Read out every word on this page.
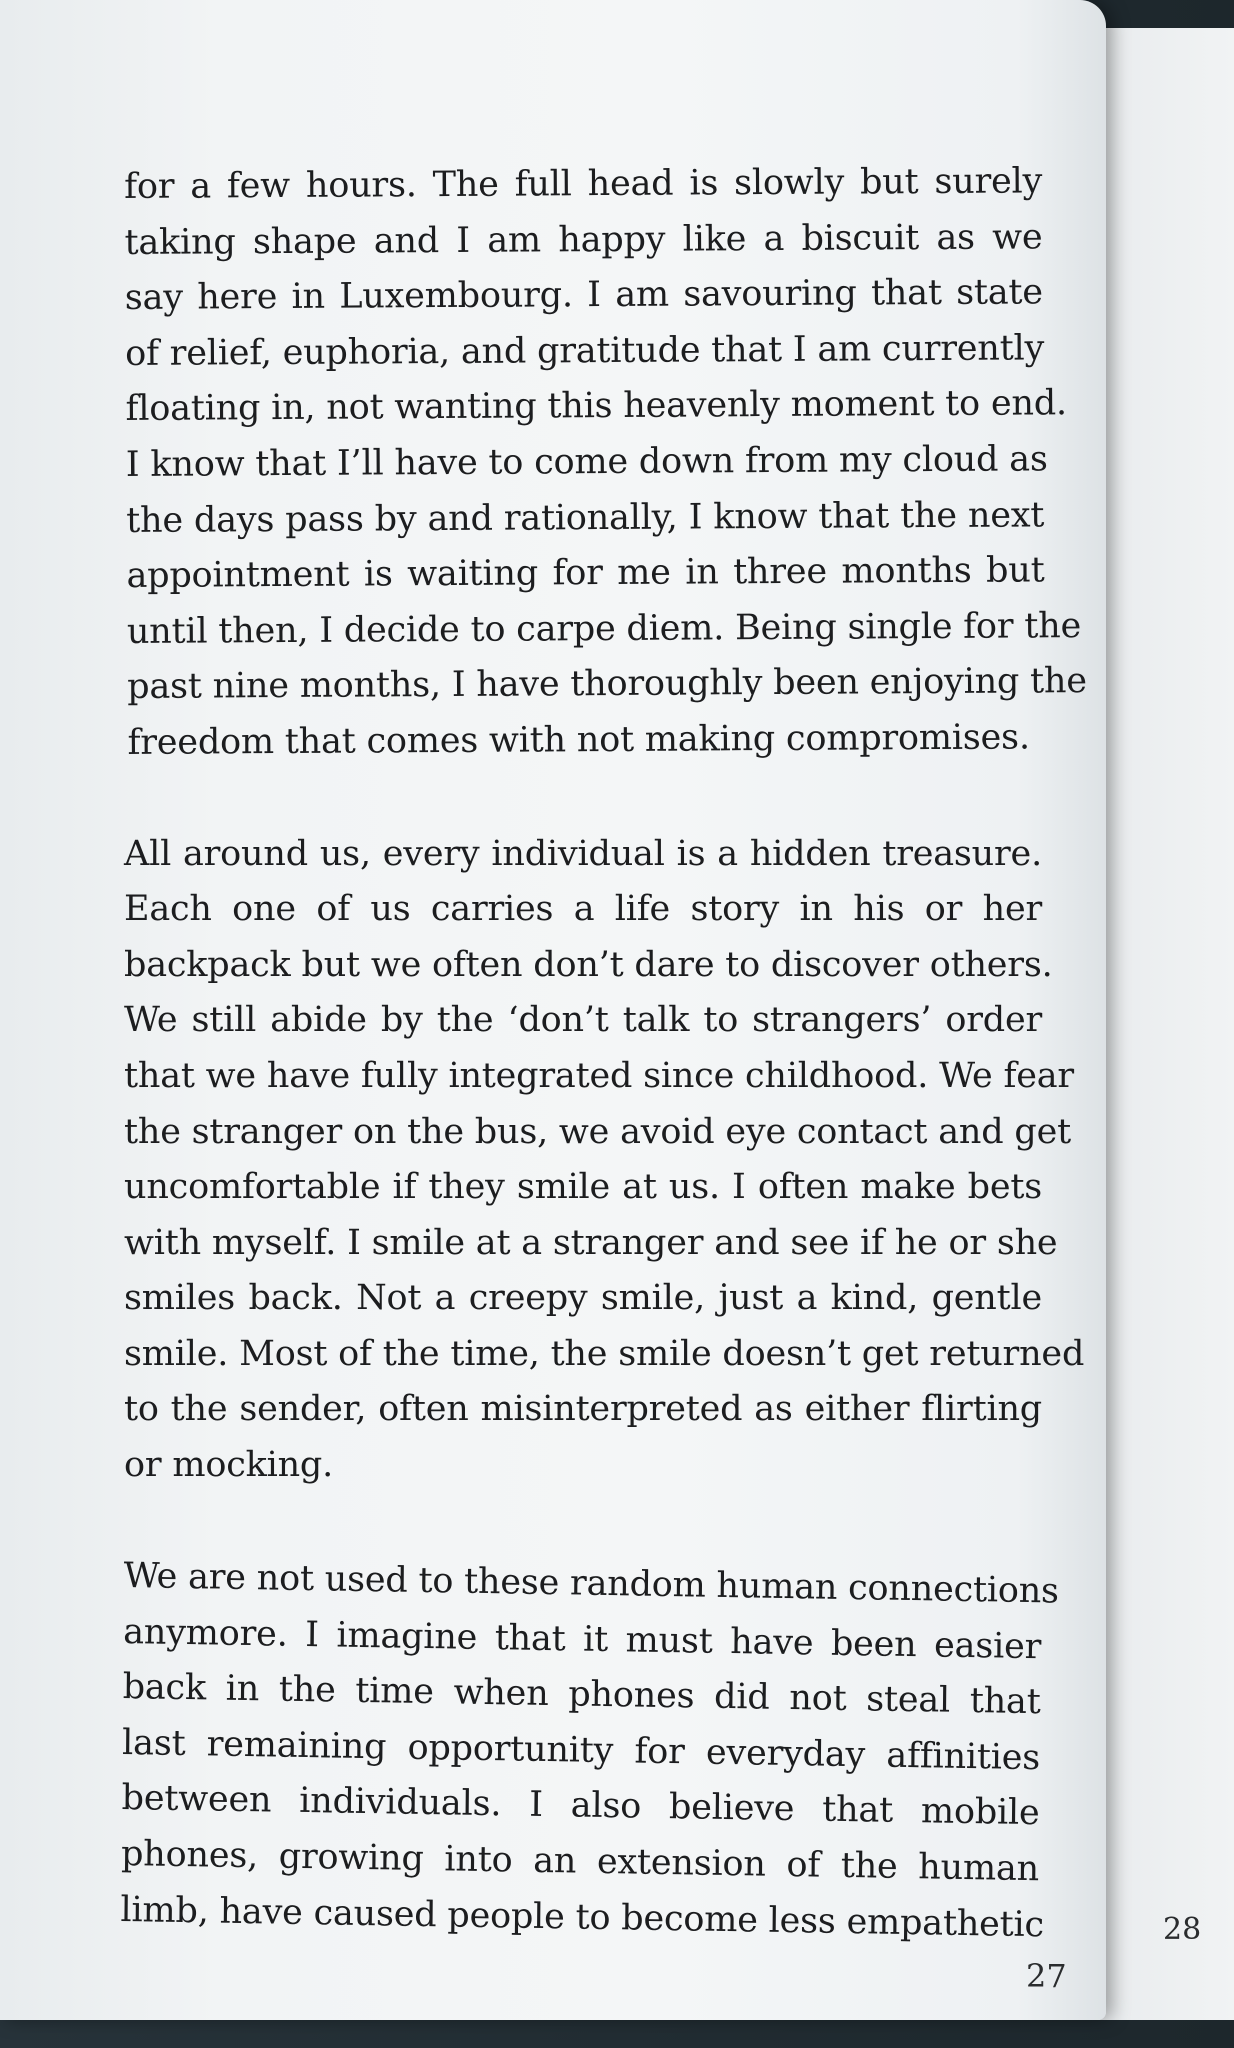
28
for a few hours. The full head is slowly but surely
taking shape and I am happy like a biscuit as we
say here in Luxembourg. I am savouring that state
of relief, euphoria, and gratitude that I am currently
floating in, not wanting this heavenly moment to end.
I know that I’ll have to come down from my cloud as
the days pass by and rationally, I know that the next
appointment is waiting for me in three months but
until then, I decide to carpe diem. Being single for the
past nine months, I have thoroughly been enjoying the
freedom that comes with not making compromises.
All around us, every individual is a hidden treasure.
Each one of us carries a life story in his or her
backpack but we often don’t dare to discover others.
We still abide by the ‘don’t talk to strangers’ order
that we have fully integrated since childhood. We fear
the stranger on the bus, we avoid eye contact and get
uncomfortable if they smile at us. I often make bets
with myself. I smile at a stranger and see if he or she
smiles back. Not a creepy smile, just a kind, gentle
smile. Most of the time, the smile doesn’t get returned
to the sender, often misinterpreted as either flirting
or mocking.
We are not used to these random human connections
anymore. I imagine that it must have been easier
back in the time when phones did not steal that
last remaining opportunity for everyday affinities
between individuals. I also believe that mobile
phones, growing into an extension of the human
limb, have caused people to become less empathetic
27
